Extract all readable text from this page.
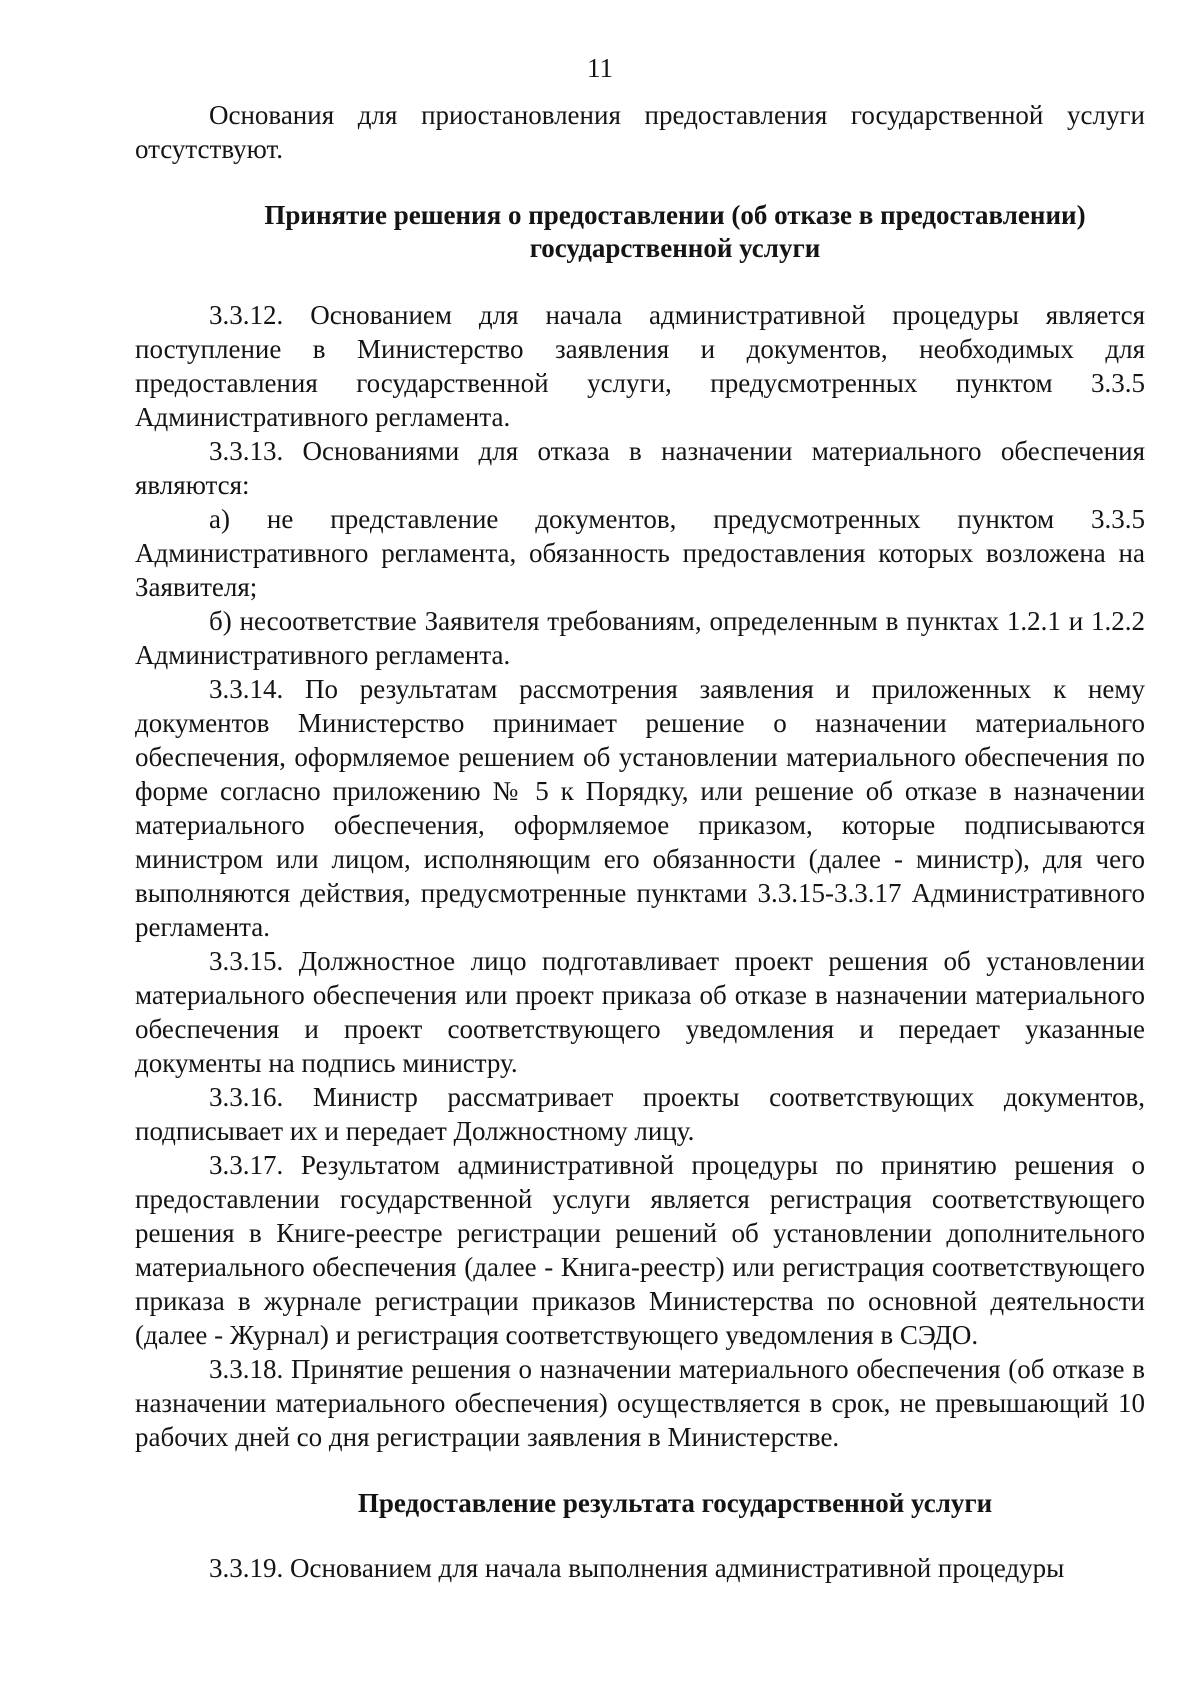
11

Основания для приостановления предоставления государственной услуги отсутствуют.

Принятие решения о предоставлении (об отказе в предоставлении) государственной услуги

3.3.12. Основанием для начала административной процедуры является поступление в Министерство заявления и документов, необходимых для предоставления государственной услуги, предусмотренных пунктом 3.3.5 Административного регламента.

3.3.13. Основаниями для отказа в назначении материального обеспечения являются:

а) не представление документов, предусмотренных пунктом 3.3.5 Административного регламента, обязанность предоставления которых возложена на Заявителя;

б) несоответствие Заявителя требованиям, определенным в пунктах 1.2.1 и 1.2.2 Административного регламента.

3.3.14. По результатам рассмотрения заявления и приложенных к нему документов Министерство принимает решение о назначении материального обеспечения, оформляемое решением об установлении материального обеспечения по форме согласно приложению № 5 к Порядку, или решение об отказе в назначении материального обеспечения, оформляемое приказом, которые подписываются министром или лицом, исполняющим его обязанности (далее - министр), для чего выполняются действия, предусмотренные пунктами 3.3.15-3.3.17 Административного регламента.

3.3.15. Должностное лицо подготавливает проект решения об установлении материального обеспечения или проект приказа об отказе в назначении материального обеспечения и проект соответствующего уведомления и передает указанные документы на подпись министру.

3.3.16. Министр рассматривает проекты соответствующих документов, подписывает их и передает Должностному лицу.

3.3.17. Результатом административной процедуры по принятию решения о предоставлении государственной услуги является регистрация соответствующего решения в Книге-реестре регистрации решений об установлении дополнительного материального обеспечения (далее - Книга-реестр) или регистрация соответствующего приказа в журнале регистрации приказов Министерства по основной деятельности (далее - Журнал) и регистрация соответствующего уведомления в СЭДО.

3.3.18. Принятие решения о назначении материального обеспечения (об отказе в назначении материального обеспечения) осуществляется в срок, не превышающий 10 рабочих дней со дня регистрации заявления в Министерстве.

Предоставление результата государственной услуги

3.3.19. Основанием для начала выполнения административной процедуры
